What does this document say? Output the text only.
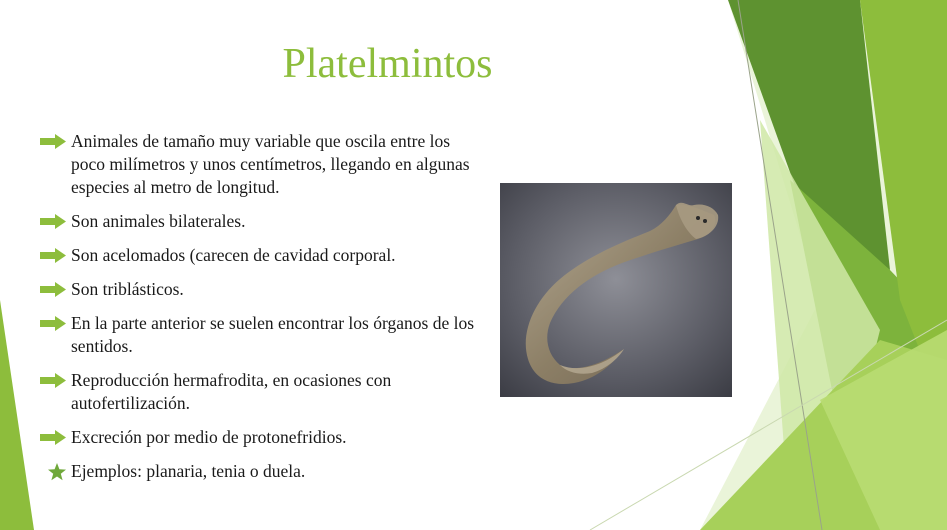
Platelmintos
Animales de tamaño muy variable que oscila entre los poco milímetros y unos centímetros, llegando en algunas especies al metro de longitud.
Son animales bilaterales.
Son acelomados (carecen de cavidad corporal.
Son triblásticos.
En la parte anterior se suelen encontrar los órganos de los sentidos.
Reproducción hermafrodita, en ocasiones con autofertilización.
Excreción por medio de protonefridios.
Ejemplos: planaria, tenia o duela.
